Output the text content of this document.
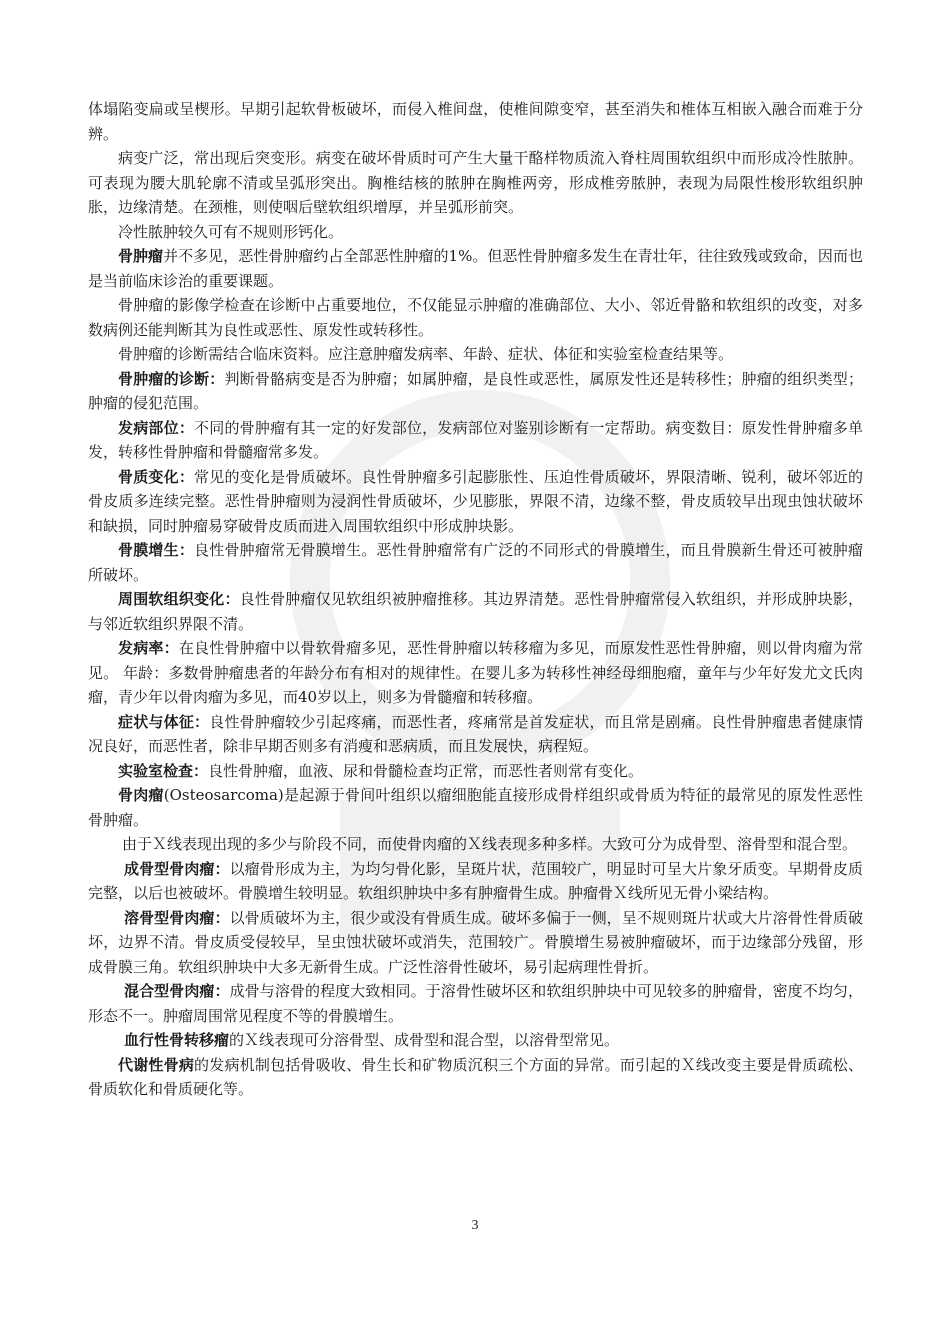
体塌陷变扁或呈楔形。早期引起软骨板破坏，而侵入椎间盘，使椎间隙变窄，甚至消失和椎体互相嵌入融合而难于分辨。

病变广泛，常出现后突变形。病变在破坏骨质时可产生大量干酪样物质流入脊柱周围软组织中而形成冷性脓肿。可表现为腰大肌轮廓不清或呈弧形突出。胸椎结核的脓肿在胸椎两旁，形成椎旁脓肿，表现为局限性梭形软组织肿胀，边缘清楚。在颈椎，则使咽后壁软组织增厚，并呈弧形前突。

冷性脓肿较久可有不规则形钙化。

骨肿瘤并不多见，恶性骨肿瘤约占全部恶性肿瘤的1%。但恶性骨肿瘤多发生在青壮年，往往致残或致命，因而也是当前临床诊治的重要课题。

骨肿瘤的影像学检查在诊断中占重要地位，不仅能显示肿瘤的准确部位、大小、邻近骨骼和软组织的改变，对多数病例还能判断其为良性或恶性、原发性或转移性。

骨肿瘤的诊断需结合临床资料。应注意肿瘤发病率、年龄、症状、体征和实验室检查结果等。

骨肿瘤的诊断：判断骨骼病变是否为肿瘤；如属肿瘤，是良性或恶性，属原发性还是转移性；肿瘤的组织类型；肿瘤的侵犯范围。

发病部位：不同的骨肿瘤有其一定的好发部位，发病部位对鉴别诊断有一定帮助。病变数目：原发性骨肿瘤多单发，转移性骨肿瘤和骨髓瘤常多发。

骨质变化：常见的变化是骨质破坏。良性骨肿瘤多引起膨胀性、压迫性骨质破坏，界限清晰、锐利，破坏邻近的骨皮质多连续完整。恶性骨肿瘤则为浸润性骨质破坏，少见膨胀，界限不清，边缘不整，骨皮质较早出现虫蚀状破坏和缺损，同时肿瘤易穿破骨皮质而进入周围软组织中形成肿块影。

骨膜增生：良性骨肿瘤常无骨膜增生。恶性骨肿瘤常有广泛的不同形式的骨膜增生，而且骨膜新生骨还可被肿瘤所破坏。

周围软组织变化：良性骨肿瘤仅见软组织被肿瘤推移。其边界清楚。恶性骨肿瘤常侵入软组织，并形成肿块影，与邻近软组织界限不清。

发病率：在良性骨肿瘤中以骨软骨瘤多见，恶性骨肿瘤以转移瘤为多见，而原发性恶性骨肿瘤，则以骨肉瘤为常见。 年龄：多数骨肿瘤患者的年龄分布有相对的规律性。在婴儿多为转移性神经母细胞瘤，童年与少年好发尤文氏肉瘤，青少年以骨肉瘤为多见，而40岁以上，则多为骨髓瘤和转移瘤。

症状与体征：良性骨肿瘤较少引起疼痛，而恶性者，疼痛常是首发症状，而且常是剧痛。良性骨肿瘤患者健康情况良好，而恶性者，除非早期否则多有消瘦和恶病质，而且发展快，病程短。

实验室检查：良性骨肿瘤，血液、尿和骨髓检查均正常，而恶性者则常有变化。

骨肉瘤(Osteosarcoma)是起源于骨间叶组织以瘤细胞能直接形成骨样组织或骨质为特征的最常见的原发性恶性骨肿瘤。

由于Ｘ线表现出现的多少与阶段不同，而使骨肉瘤的Ｘ线表现多种多样。大致可分为成骨型、溶骨型和混合型。

成骨型骨肉瘤：以瘤骨形成为主，为均匀骨化影，呈斑片状，范围较广，明显时可呈大片象牙质变。早期骨皮质完整，以后也被破坏。骨膜增生较明显。软组织肿块中多有肿瘤骨生成。肿瘤骨Ｘ线所见无骨小梁结构。

溶骨型骨肉瘤：以骨质破坏为主，很少或没有骨质生成。破坏多偏于一侧，呈不规则斑片状或大片溶骨性骨质破坏，边界不清。骨皮质受侵较早，呈虫蚀状破坏或消失，范围较广。骨膜增生易被肿瘤破坏，而于边缘部分残留，形成骨膜三角。软组织肿块中大多无新骨生成。广泛性溶骨性破坏，易引起病理性骨折。

混合型骨肉瘤：成骨与溶骨的程度大致相同。于溶骨性破坏区和软组织肿块中可见较多的肿瘤骨，密度不均匀，形态不一。肿瘤周围常见程度不等的骨膜增生。

血行性骨转移瘤的Ｘ线表现可分溶骨型、成骨型和混合型，以溶骨型常见。

代谢性骨病的发病机制包括骨吸收、骨生长和矿物质沉积三个方面的异常。而引起的Ｘ线改变主要是骨质疏松、骨质软化和骨质硬化等。

3
